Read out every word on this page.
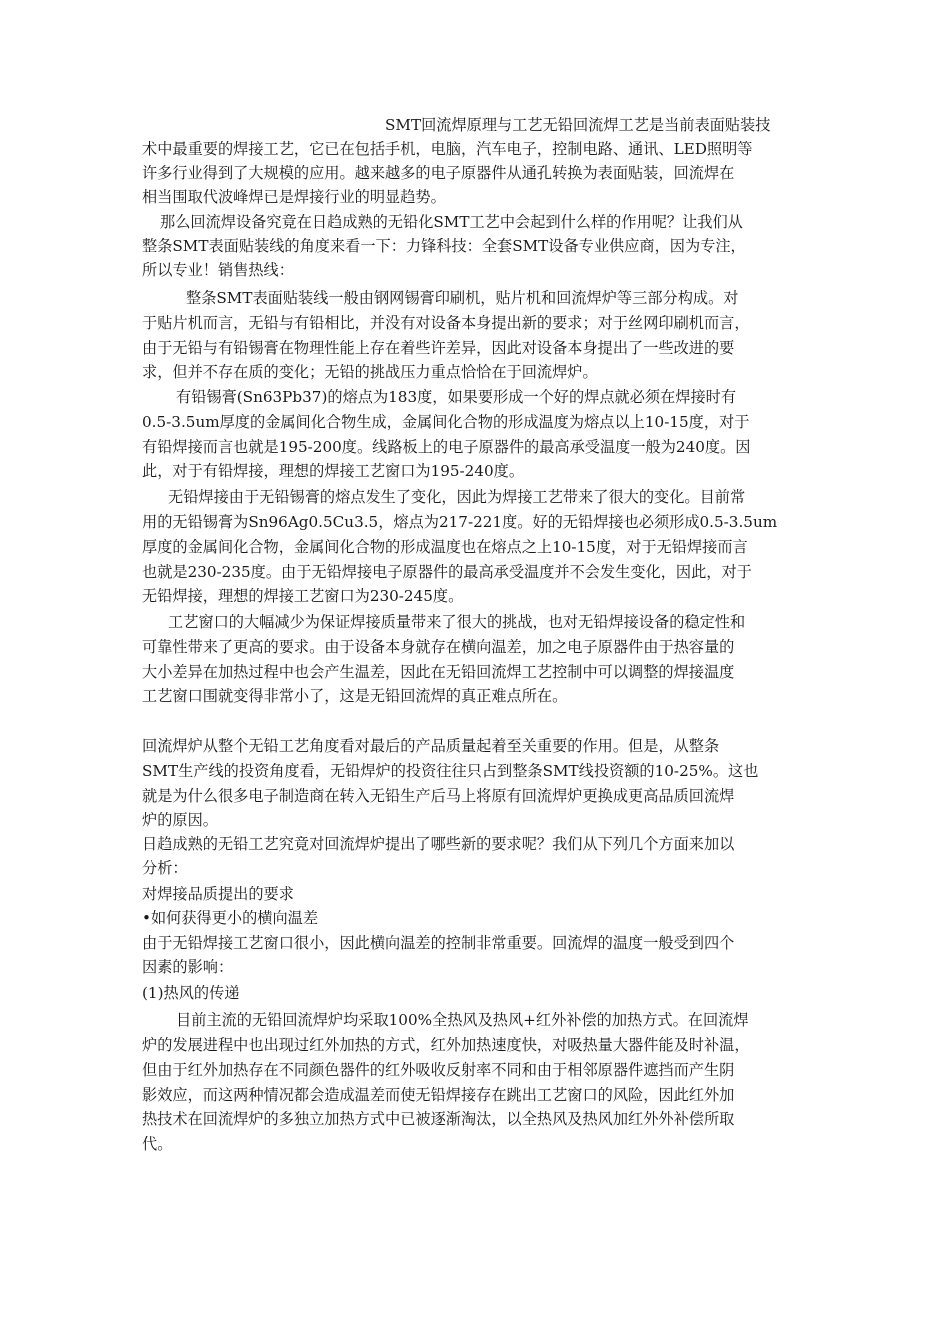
SMT回流焊原理与工艺无铅回流焊工艺是当前表面贴装技
术中最重要的焊接工艺，它已在包括手机，电脑，汽车电子，控制电路、通讯、LED照明等
许多行业得到了大规模的应用。越来越多的电子原器件从通孔转换为表面贴装，回流焊在
相当围取代波峰焊已是焊接行业的明显趋势。
那么回流焊设备究竟在日趋成熟的无铅化SMT工艺中会起到什么样的作用呢？让我们从
整条SMT表面贴装线的角度来看一下：力锋科技：全套SMT设备专业供应商，因为专注，
所以专业！销售热线：
整条SMT表面贴装线一般由钢网锡膏印刷机，贴片机和回流焊炉等三部分构成。对
于贴片机而言，无铅与有铅相比，并没有对设备本身提出新的要求；对于丝网印刷机而言，
由于无铅与有铅锡膏在物理性能上存在着些许差异，因此对设备本身提出了一些改进的要
求，但并不存在质的变化；无铅的挑战压力重点恰恰在于回流焊炉。
有铅锡膏(Sn63Pb37)的熔点为183度，如果要形成一个好的焊点就必须在焊接时有
0.5-3.5um厚度的金属间化合物生成，金属间化合物的形成温度为熔点以上10-15度，对于
有铅焊接而言也就是195-200度。线路板上的电子原器件的最高承受温度一般为240度。因
此，对于有铅焊接，理想的焊接工艺窗口为195-240度。
无铅焊接由于无铅锡膏的熔点发生了变化，因此为焊接工艺带来了很大的变化。目前常
用的无铅锡膏为Sn96Ag0.5Cu3.5，熔点为217-221度。好的无铅焊接也必须形成0.5-3.5um
厚度的金属间化合物，金属间化合物的形成温度也在熔点之上10-15度，对于无铅焊接而言
也就是230-235度。由于无铅焊接电子原器件的最高承受温度并不会发生变化，因此，对于
无铅焊接，理想的焊接工艺窗口为230-245度。
工艺窗口的大幅减少为保证焊接质量带来了很大的挑战，也对无铅焊接设备的稳定性和
可靠性带来了更高的要求。由于设备本身就存在横向温差，加之电子原器件由于热容量的
大小差异在加热过程中也会产生温差，因此在无铅回流焊工艺控制中可以调整的焊接温度
工艺窗口围就变得非常小了，这是无铅回流焊的真正难点所在。
回流焊炉从整个无铅工艺角度看对最后的产品质量起着至关重要的作用。但是，从整条
SMT生产线的投资角度看，无铅焊炉的投资往往只占到整条SMT线投资额的10-25%。这也
就是为什么很多电子制造商在转入无铅生产后马上将原有回流焊炉更换成更高品质回流焊
炉的原因。
日趋成熟的无铅工艺究竟对回流焊炉提出了哪些新的要求呢？我们从下列几个方面来加以
分析：
对焊接品质提出的要求
•如何获得更小的横向温差
由于无铅焊接工艺窗口很小，因此横向温差的控制非常重要。回流焊的温度一般受到四个
因素的影响：
(1)热风的传递
目前主流的无铅回流焊炉均采取100%全热风及热风+红外补偿的加热方式。在回流焊
炉的发展进程中也出现过红外加热的方式，红外加热速度快，对吸热量大器件能及时补温，
但由于红外加热存在不同颜色器件的红外吸收反射率不同和由于相邻原器件遮挡而产生阴
影效应，而这两种情况都会造成温差而使无铅焊接存在跳出工艺窗口的风险，因此红外加
热技术在回流焊炉的多独立加热方式中已被逐渐淘汰，以全热风及热风加红外外补偿所取
代。
